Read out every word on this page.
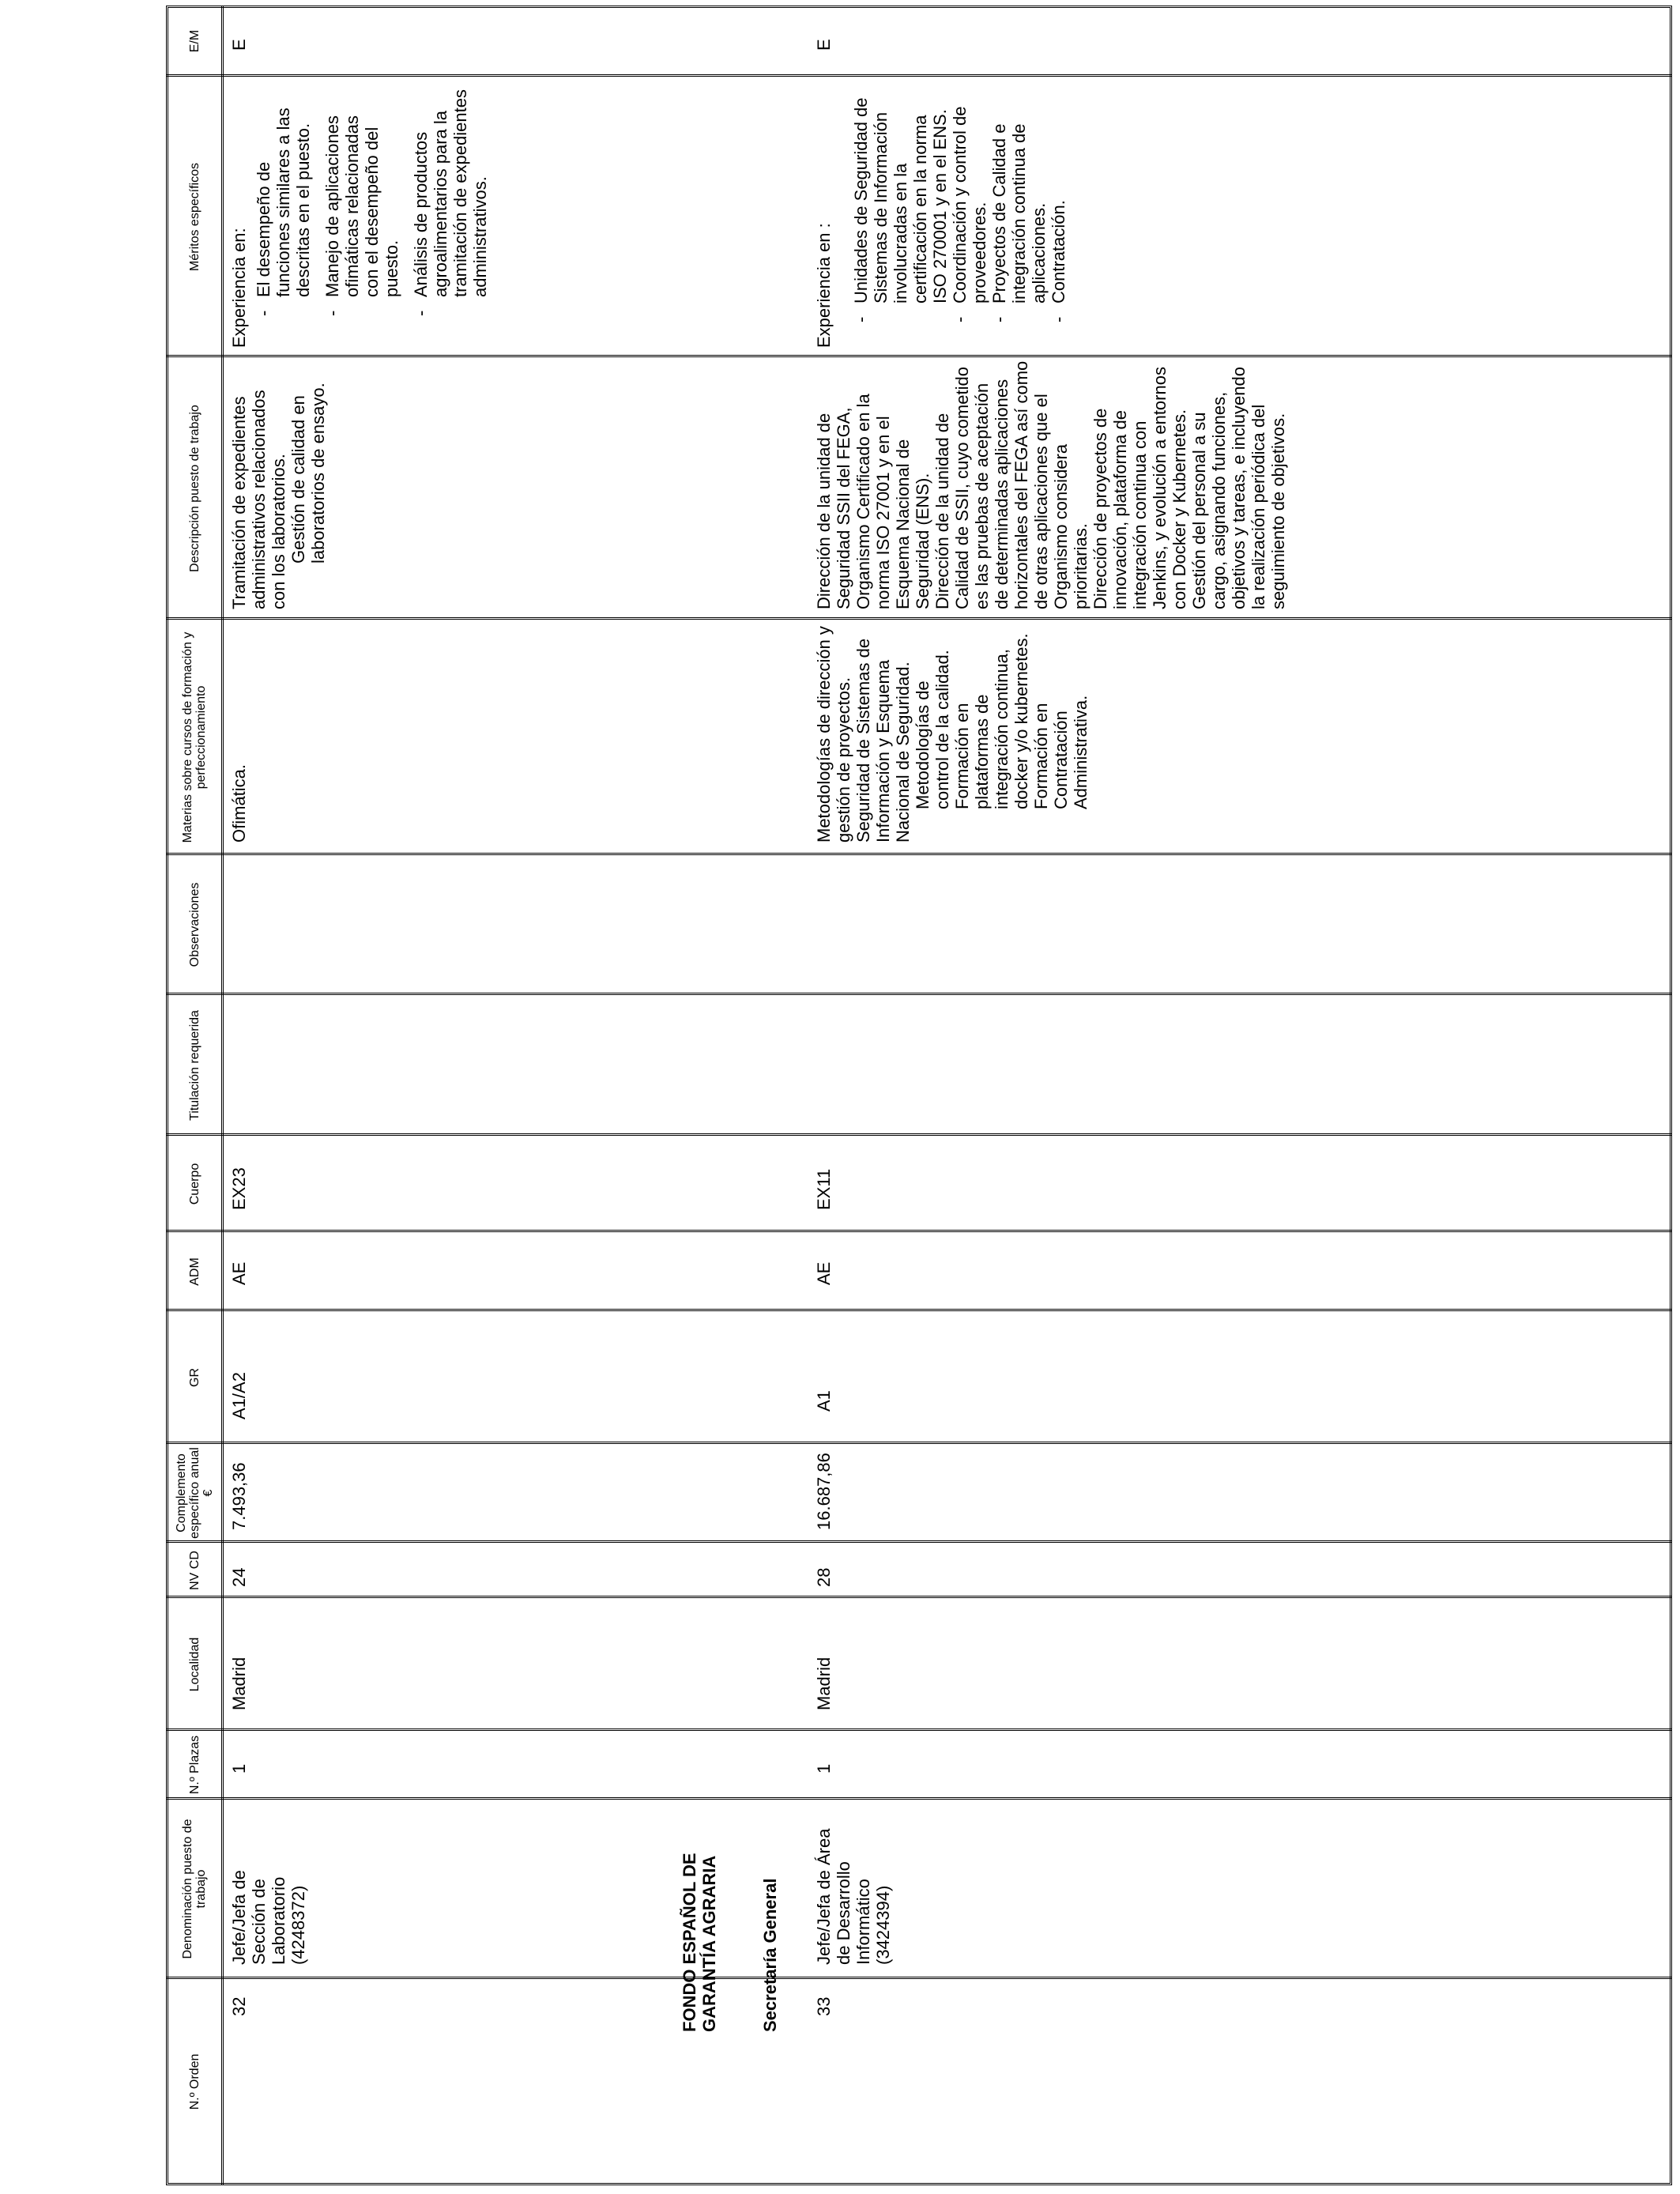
N.º Orden
Denominación puesto de trabajo
N.º Plazas
Localidad
Complemento específico anual €
NV CD
GR
ADM
Cuerpo
Titulación requerida
Observaciones
Materias sobre cursos de formación y perfeccionamiento
Descripción puesto de trabajo
Méritos específicos
E/M
32
Jefe/Jefa de Sección de Laboratorio (4248372)
1
Madrid
24
7.493,36
A1/A2
AE
EX23

Ofimática.

Tramitación de expedientes administrativos relacionados con los laboratorios. Gestión de calidad en laboratorios de ensayo.

Experiencia en: - El desempeño de funciones similares a las descritas en el puesto. - Manejo de aplicaciones ofimáticas relacionadas con el desempeño del puesto. - Análisis de productos agroalimentarios para la tramitación de expedientes administrativos.
E
FONDO ESPAÑOL DE GARANTÍA AGRARIA Secretaría General 33
Jefe/Jefa de Área de Desarrollo Informático (3424394)
1
Madrid
28
16.687,86
A1
AE
EX11

Metodologías de dirección y gestión de proyectos. Seguridad de Sistemas de Información y Esquema Nacional de Seguridad. Metodologías de control de la calidad. Formación en plataformas de integración continua, docker y/o kubernetes. Formación en Contratación Administrativa.

Dirección de la unidad de Seguridad SSII del FEGA, Organismo Certificado en la norma ISO 27001 y en el Esquema Nacional de Seguridad (ENS). Dirección de la unidad de Calidad de SSII, cuyo cometido es las pruebas de aceptación de determinadas aplicaciones horizontales del FEGA así como de otras aplicaciones que el Organismo considera prioritarias. Dirección de proyectos de innovación, plataforma de integración continua con Jenkins, y evolución a entornos con Docker y Kubernetes. Gestión del personal a su cargo, asignando funciones, objetivos y tareas, e incluyendo la realización periódica del seguimiento de objetivos.

Experiencia en : - Unidades de Seguridad de Sistemas de Información involucradas en la certificación en la norma ISO 270001 y en el ENS. - Coordinación y control de proveedores. - Proyectos de Calidad e integración continua de aplicaciones. - Contratación.
E
